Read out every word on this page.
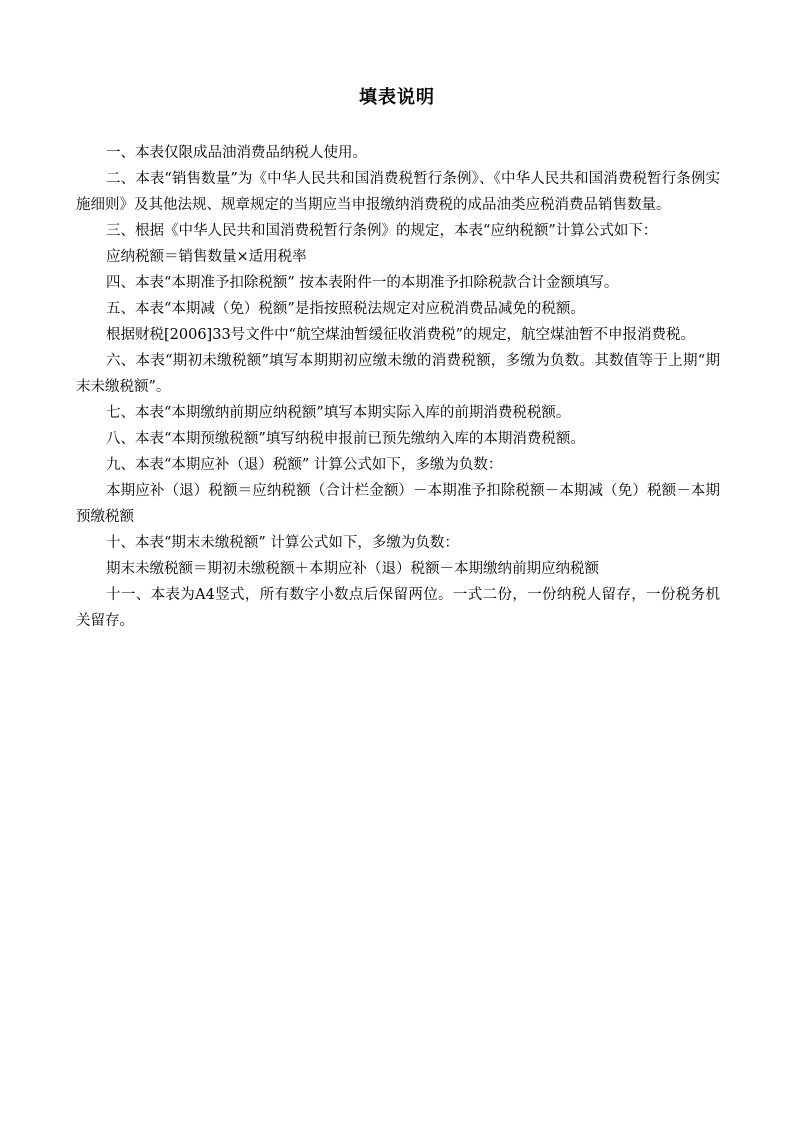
填表说明

一、本表仅限成品油消费品纳税人使用。

二、本表“销售数量”为《中华人民共和国消费税暂行条例》、《中华人民共和国消费税暂行条例实施细则》及其他法规、规章规定的当期应当申报缴纳消费税的成品油类应税消费品销售数量。

三、根据《中华人民共和国消费税暂行条例》的规定，本表“应纳税额”计算公式如下：

应纳税额＝销售数量×适用税率

四、本表“本期准予扣除税额” 按本表附件一的本期准予扣除税款合计金额填写。

五、本表“本期减（免）税额”是指按照税法规定对应税消费品减免的税额。

根据财税[2006]33号文件中“航空煤油暂缓征收消费税”的规定，航空煤油暂不申报消费税。

六、本表“期初未缴税额”填写本期期初应缴未缴的消费税额，多缴为负数。其数值等于上期“期末未缴税额”。

七、本表“本期缴纳前期应纳税额”填写本期实际入库的前期消费税税额。

八、本表“本期预缴税额”填写纳税申报前已预先缴纳入库的本期消费税额。

九、本表“本期应补（退）税额” 计算公式如下，多缴为负数：

本期应补（退）税额＝应纳税额（合计栏金额）－本期准予扣除税额－本期减（免）税额－本期预缴税额

十、本表“期末未缴税额” 计算公式如下，多缴为负数：

期末未缴税额＝期初未缴税额＋本期应补（退）税额－本期缴纳前期应纳税额

十一、本表为A4竖式，所有数字小数点后保留两位。一式二份，一份纳税人留存，一份税务机关留存。
